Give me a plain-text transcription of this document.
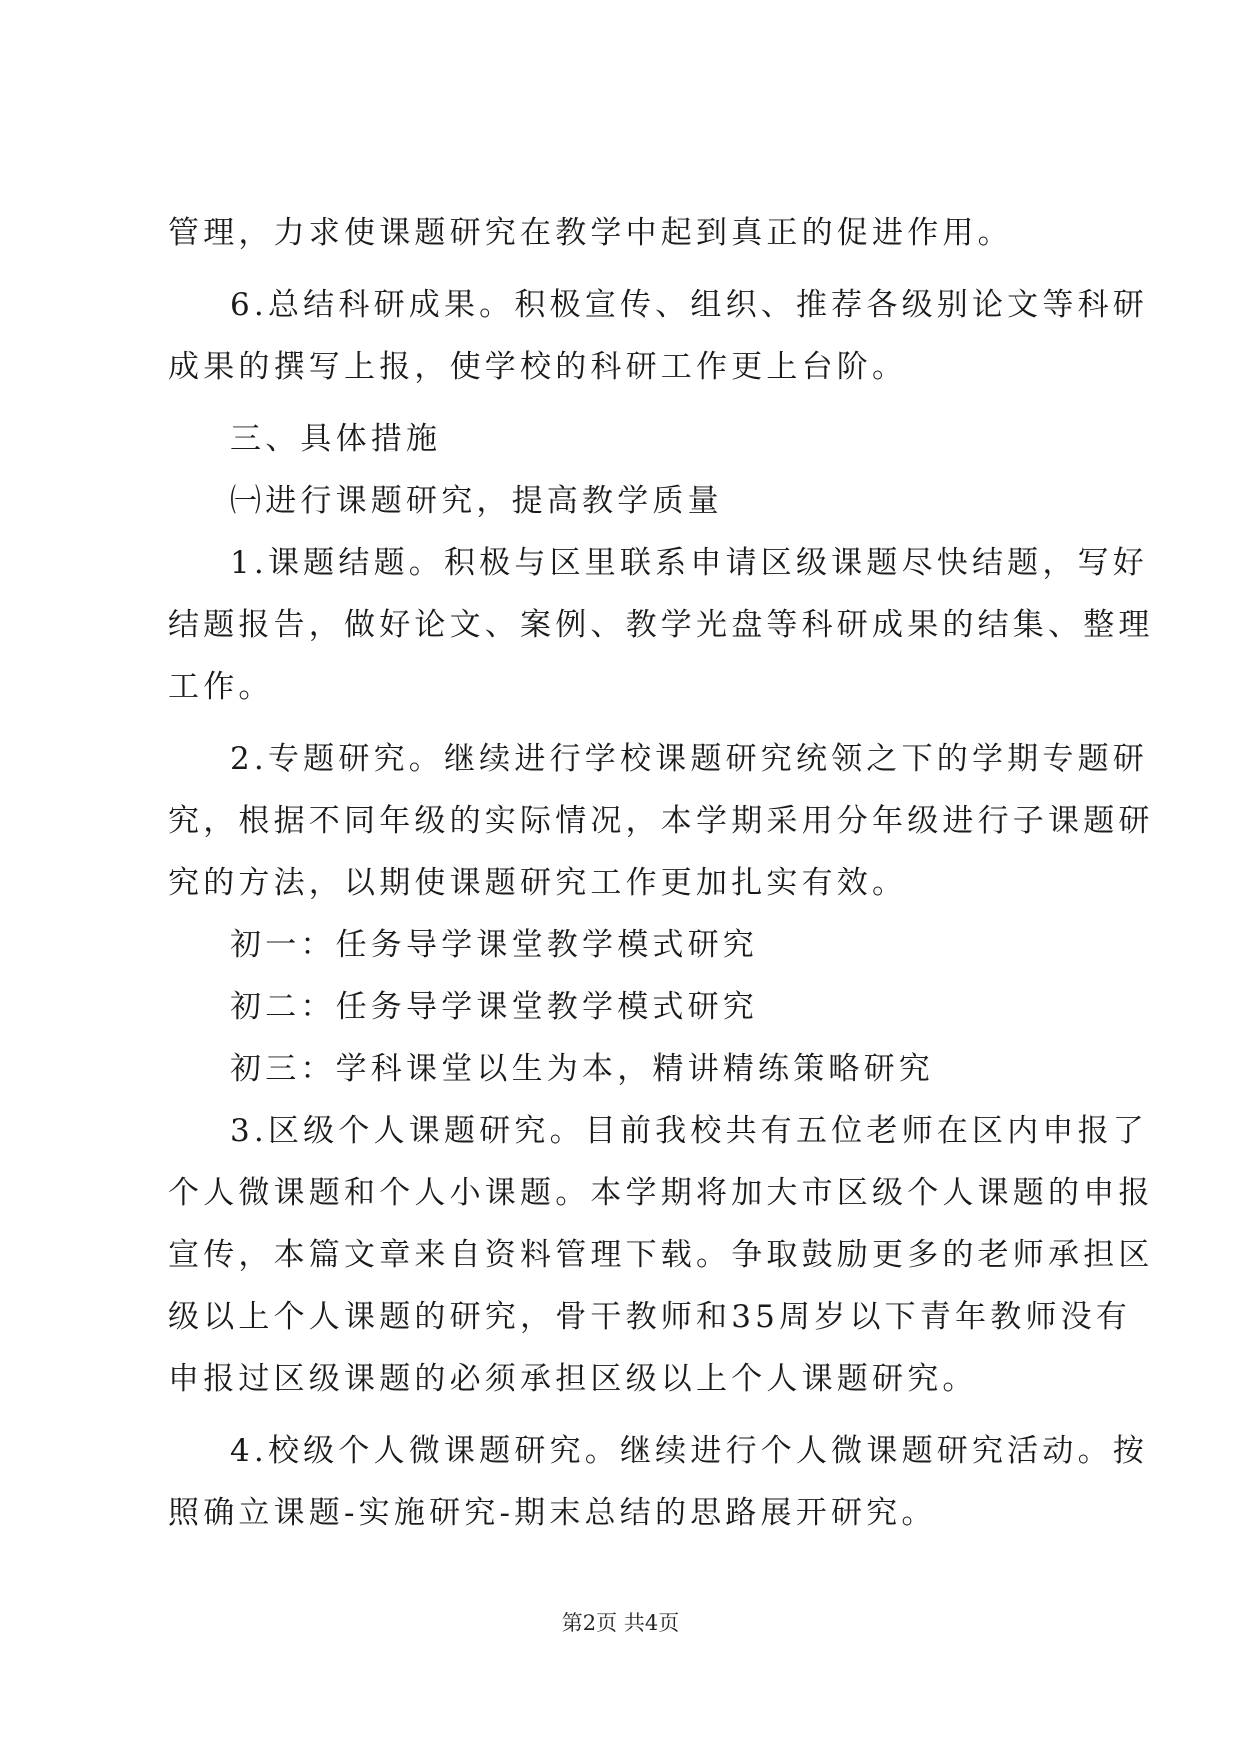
管理，力求使课题研究在教学中起到真正的促进作用。
6.总结科研成果。积极宣传、组织、推荐各级别论文等科研
成果的撰写上报，使学校的科研工作更上台阶。
三、具体措施
㈠进行课题研究，提高教学质量
1.课题结题。积极与区里联系申请区级课题尽快结题，写好
结题报告，做好论文、案例、教学光盘等科研成果的结集、整理
工作。
2.专题研究。继续进行学校课题研究统领之下的学期专题研
究，根据不同年级的实际情况，本学期采用分年级进行子课题研
究的方法，以期使课题研究工作更加扎实有效。
初一：任务导学课堂教学模式研究
初二：任务导学课堂教学模式研究
初三：学科课堂以生为本，精讲精练策略研究
3.区级个人课题研究。目前我校共有五位老师在区内申报了
个人微课题和个人小课题。本学期将加大市区级个人课题的申报
宣传，本篇文章来自资料管理下载。争取鼓励更多的老师承担区
级以上个人课题的研究，骨干教师和35周岁以下青年教师没有
申报过区级课题的必须承担区级以上个人课题研究。
4.校级个人微课题研究。继续进行个人微课题研究活动。按
照确立课题-实施研究-期末总结的思路展开研究。
第2页 共4页
